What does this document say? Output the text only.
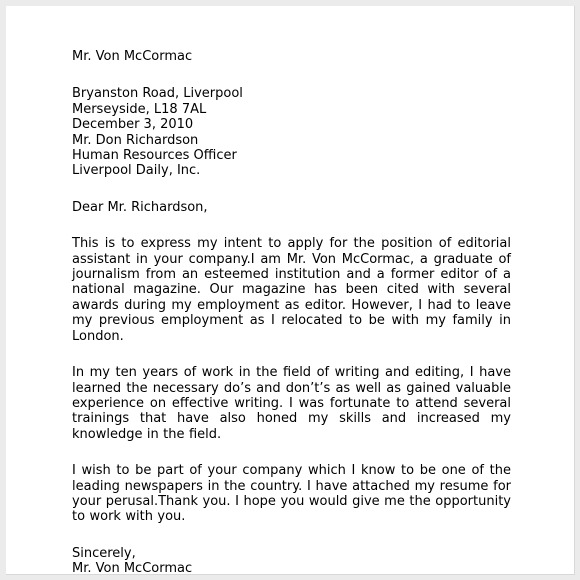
Mr. Von McCormac
Bryanston Road, Liverpool
Merseyside, L18 7AL
December 3, 2010
Mr. Don Richardson
Human Resources Officer
Liverpool Daily, Inc.
Dear Mr. Richardson,
This is to express my intent to apply for the position of editorial assistant in your company.I am Mr. Von McCormac, a graduate of journalism from an esteemed institution and a former editor of a national magazine. Our magazine has been cited with several awards during my employment as editor. However, I had to leave my previous employment as I relocated to be with my family in London.
In my ten years of work in the field of writing and editing, I have learned the necessary do’s and don’t’s as well as gained valuable experience on effective writing. I was fortunate to attend several trainings that have also honed my skills and increased my knowledge in the field.
I wish to be part of your company which I know to be one of the leading newspapers in the country. I have attached my resume for your perusal.Thank you. I hope you would give me the opportunity to work with you.
Sincerely,
Mr. Von McCormac
